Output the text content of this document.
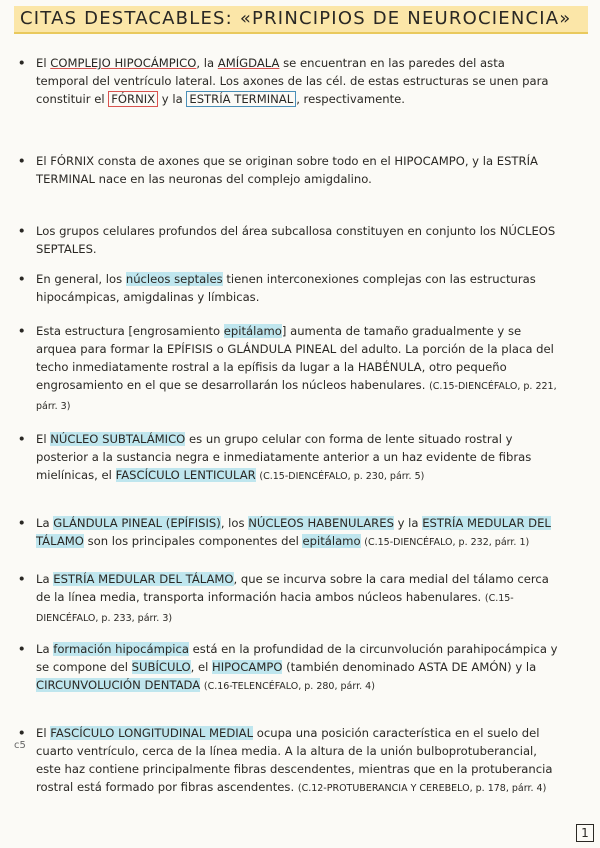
CITAS DESTACABLES: «PRINCIPIOS DE NEUROCIENCIA»
• El COMPLEJO HIPOCÁMPICO, la AMÍGDALA se encuentran en las paredes del asta temporal del ventrículo lateral. Los axones de las cél. de estas estructuras se unen para constituir el FÓRNIX y la ESTRÍA TERMINAL , respectivamente.
• El FÓRNIX consta de axones que se originan sobre todo en el HIPOCAMPO, y la ESTRÍA TERMINAL nace en las neuronas del complejo amigdalino.
• Los grupos celulares profundos del área subcallosa constituyen en conjunto los NÚCLEOS SEPTALES.
• En general, los núcleos septales tienen interconexiones complejas con las estructuras hipocámpicas, amigdalinas y límbicas.
• Esta estructura [engrosamiento epitálamo] aumenta de tamaño gradualmente y se arquea para formar la EPÍFISIS o GLÁNDULA PINEAL del adulto. La porción de la placa del techo inmediatamente rostral a la epífisis da lugar a la HABÉNULA, otro pequeño engrosamiento en el que se desarrollarán los núcleos habenulares. (C.15-DIENCÉFALO, p. 221, párr. 3)
• El NÚCLEO SUBTALÁMICO es un grupo celular con forma de lente situado rostral y posterior a la sustancia negra e inmediatamente anterior a un haz evidente de fibras mielínicas, el FASCÍCULO LENTICULAR (C.15-DIENCÉFALO, p. 230, párr. 5)
• La GLÁNDULA PINEAL (EPÍFISIS), los NÚCLEOS HABENULARES y la ESTRÍA MEDULAR DEL TÁLAMO son los principales componentes del epitálamo (C.15-DIENCÉFALO, p. 232, párr. 1)
• La ESTRÍA MEDULAR DEL TÁLAMO, que se incurva sobre la cara medial del tálamo cerca de la línea media, transporta información hacia ambos núcleos habenulares. (C.15-DIENCÉFALO, p. 233, párr. 3)
• La formación hipocámpica está en la profundidad de la circunvolución parahipocámpica y se compone del SUBÍCULO, el HIPOCAMPO (también denominado ASTA DE AMÓN) y la CIRCUNVOLUCIÓN DENTADA (C.16-TELENCÉFALO, p. 280, párr. 4)
c5
• El FASCÍCULO LONGITUDINAL MEDIAL ocupa una posición característica en el suelo del cuarto ventrículo, cerca de la línea media. A la altura de la unión bulboprotuberancial, este haz contiene principalmente fibras descendentes, mientras que en la protuberancia rostral está formado por fibras ascendentes. (C.12-PROTUBERANCIA Y CEREBELO, p. 178, párr. 4)
1
